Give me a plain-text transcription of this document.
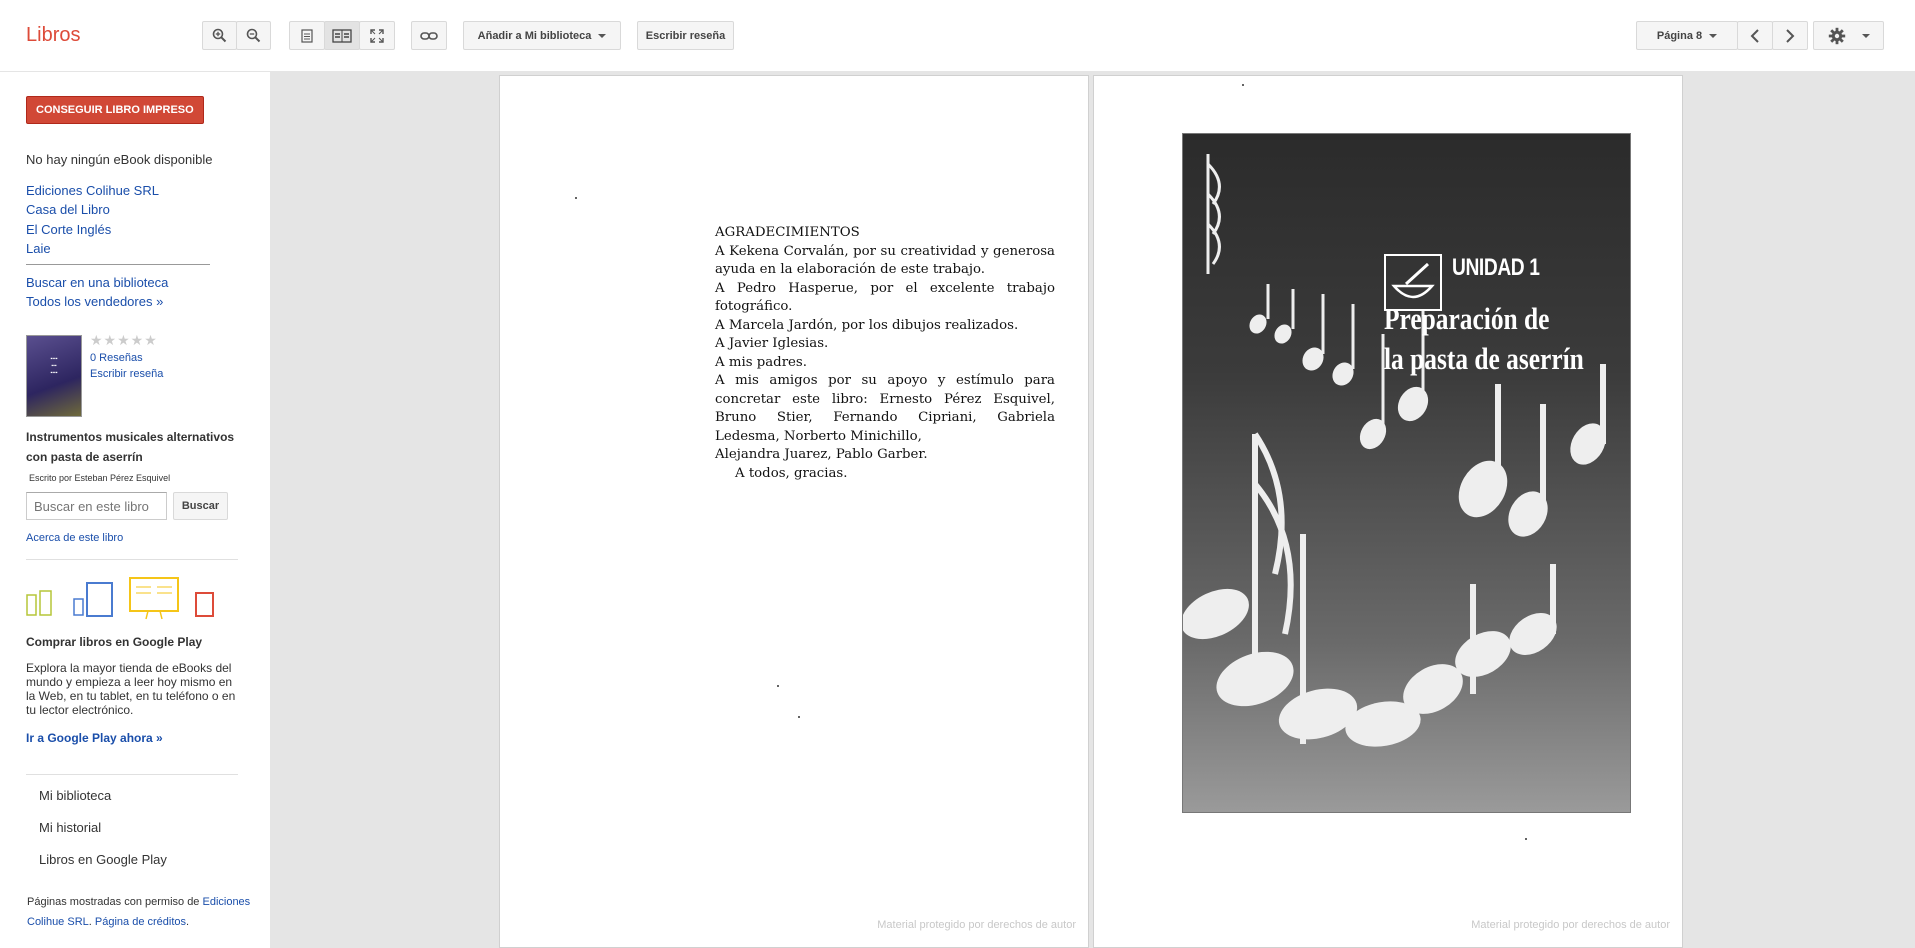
Libros	Añadir a Mi biblioteca	Escribir reseña	Página 8
CONSEGUIR LIBRO IMPRESO
No hay ningún eBook disponible
Ediciones Colihue SRL
Casa del Libro
El Corte Inglés
Laie
Buscar en una biblioteca
Todos los vendedores »
▪▪▪▪
▪▪▪
▪▪▪▪
★★★★★
0 Reseñas
Escribir reseña
Instrumentos musicales alternativos con pasta de aserrín
Escrito por Esteban Pérez Esquivel
Buscar en este libro
Buscar
Acerca de este libro
Comprar libros en Google Play
Explora la mayor tienda de eBooks del mundo y empieza a leer hoy mismo en la Web, en tu tablet, en tu teléfono o en tu lector electrónico.
Ir a Google Play ahora »
Mi biblioteca
Mi historial
Libros en Google Play
Páginas mostradas con permiso de Ediciones Colihue SRL. Página de créditos.

AGRADECIMIENTOS

A Kekena Corvalán, por su creatividad y generosa ayuda en la elaboración de este trabajo.

A Pedro Hasperue, por el excelente trabajo fotográfico.

A Marcela Jardón, por los dibujos realizados.

A Javier Iglesias.

A mis padres.

A mis amigos por su apoyo y estímulo para concretar este libro: Ernesto Pérez Esquivel, Bruno Stier, Fernando Cipriani, Gabriela Ledesma, Norberto Minichillo,

Alejandra Juarez, Pablo Garber.

A todos, gracias.

Material protegido por derechos de autor
UNIDAD 1
Preparación de
la pasta de aserrín
Material protegido por derechos de autor
